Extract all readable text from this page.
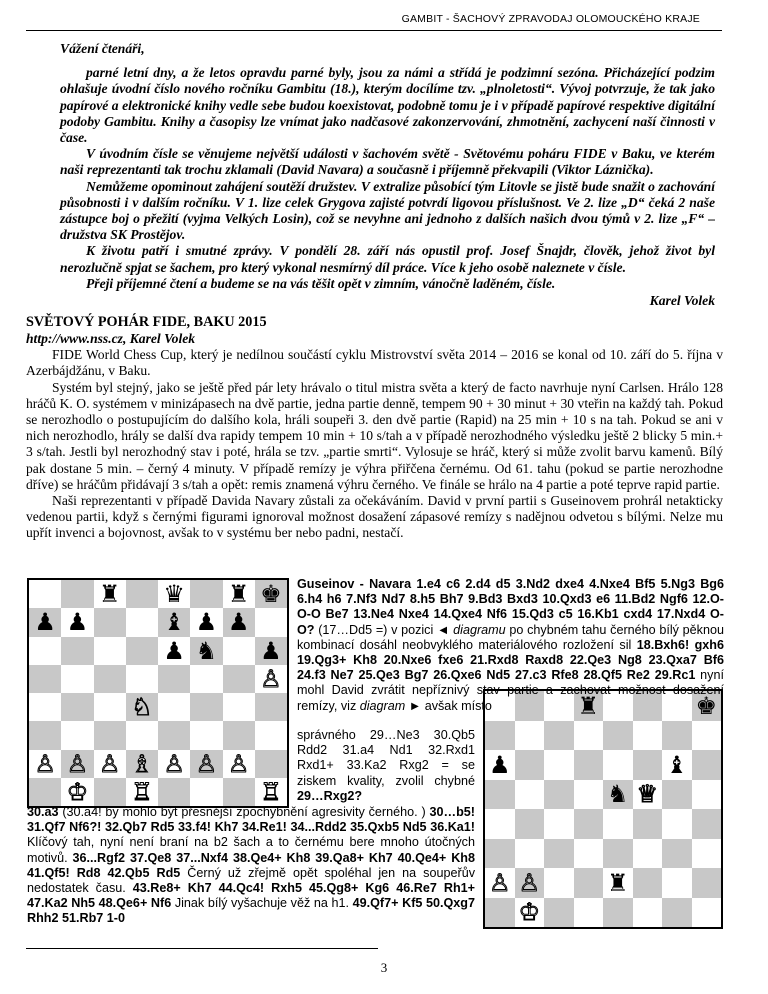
GAMBIT - ŠACHOVÝ ZPRAVODAJ OLOMOUCKÉHO KRAJE

Vážení čtenáři,

parné letní dny, a že letos opravdu parné byly, jsou za námi a střídá je podzimní sezóna. Přicházející podzim ohlašuje úvodní číslo nového ročníku Gambitu (18.), kterým docílíme tzv. „plnoletosti“. Vývoj potvrzuje, že tak jako papírové a elektronické knihy vedle sebe budou koexistovat, podobně tomu je i v případě papírové respektive digitální podoby Gambitu. Knihy a časopisy lze vnímat jako nadčasové zakonzervování, zhmotnění, zachycení naší činnosti v čase.

V úvodním čísle se věnujeme největší události v šachovém světě - Světovému poháru FIDE v Baku, ve kterém naši reprezentanti tak trochu zklamali (David Navara) a současně i příjemně překvapili (Viktor Láznička).

Nemůžeme opominout zahájení soutěží družstev. V extralize působící tým Litovle se jistě bude snažit o zachování působnosti i v dalším ročníku. V 1. lize celek Grygova zajisté potvrdí ligovou příslušnost. Ve 2. lize „D“ čeká 2 naše zástupce boj o přežití (vyjma Velkých Losin), což se nevyhne ani jednoho z dalších našich dvou týmů v 2. lize „F“ – družstva SK Prostějov.

K životu patří i smutné zprávy. V pondělí 28. září nás opustil prof. Josef Šnajdr, člověk, jehož život byl nerozlučně spjat se šachem, pro který vykonal nesmírný díl práce. Více k jeho osobě naleznete v čísle.

Přeji příjemné čtení a budeme se na vás těšit opět v zimním, vánočně laděném, čísle.

Karel Volek

SVĚTOVÝ POHÁR FIDE, BAKU 2015

http://www.nss.cz, Karel Volek

FIDE World Chess Cup, který je nedílnou součástí cyklu Mistrovství světa 2014 – 2016 se konal od 10. září do 5. října v Azerbájdžánu, v Baku.

Systém byl stejný, jako se ještě před pár lety hrávalo o titul mistra světa a který de facto navrhuje nyní Carlsen. Hrálo 128 hráčů K. O. systémem v minizápasech na dvě partie, jedna partie denně, tempem 90 + 30 minut + 30 vteřin na každý tah. Pokud se nerozhodlo o postupujícím do dalšího kola, hráli soupeři 3. den dvě partie (Rapid) na 25 min + 10 s na tah. Pokud se ani v nich nerozhodlo, hrály se další dva rapidy tempem 10 min + 10 s/tah a v případě nerozhodného výsledku ještě 2 blicky 5 min.+ 3 s/tah. Jestli byl nerozhodný stav i poté, hrála se tzv. „partie smrti“. Vylosuje se hráč, který si může zvolit barvu kamenů. Bílý pak dostane 5 min. – černý 4 minuty. V případě remízy je výhra přiřčena černému. Od 61. tahu (pokud se partie nerozhodne dříve) se hráčům přidávají 3 s/tah a opět: remis znamená výhru černého. Ve finále se hrálo na 4 partie a poté teprve rapid partie.

Naši reprezentanti v případě Davida Navary zůstali za očekáváním. David v první partii s Guseinovem prohrál netakticky vedenou partii, když s černými figurami ignoroval možnost dosažení zápasové remízy s nadějnou odvetou s bílými. Nelze mu upřít invenci a bojovnost, avšak to v systému ber nebo padni, nestačí.

♜ ♛ ♜ ♚
♟ ♟	♝ ♟ ♟
♟ ♞ ♟
♙
♘
♙ ♙ ♙ ♗ ♙ ♙ ♙
♔ ♖	♖
♜	♚
♟	♝
♞ ♕
♙ ♙	♜
♔

Guseinov - Navara 1.e4 c6 2.d4 d5 3.Nd2 dxe4 4.Nxe4 Bf5 5.Ng3 Bg6 6.h4 h6 7.Nf3 Nd7 8.h5 Bh7 9.Bd3 Bxd3 10.Qxd3 e6 11.Bd2 Ngf6 12.O-O-O Be7 13.Ne4 Nxe4 14.Qxe4 Nf6 15.Qd3 c5 16.Kb1 cxd4 17.Nxd4 O-O? (17…Dd5 =) v pozici ◄ diagramu po chybném tahu černého bílý pěknou kombinací dosáhl neobvyklého materiálového rozložení sil 18.Bxh6! gxh6 19.Qg3+ Kh8 20.Nxe6 fxe6 21.Rxd8 Raxd8 22.Qe3 Ng8 23.Qxa7 Bf6 24.f3 Ne7 25.Qe3 Bg7 26.Qxe6 Nd5 27.c3 Rfe8 28.Qf5 Re2 29.Rc1 nyní mohl David zvrátit nepříznivý stav partie a zachovat možnost dosažení remízy, viz diagram ► avšak místo

správného 29…Ne3 30.Qb5 Rdd2 31.a4 Nd1 32.Rxd1 Rxd1+ 33.Ka2 Rxg2 = se ziskem kvality, zvolil chybné 29…Rxg2?

30.a3 (30.a4! by mohlo být přesnější zpochybnění agresivity černého. ) 30…b5! 31.Qf7 Nf6?! 32.Qb7 Rd5 33.f4! Kh7 34.Re1! 34...Rdd2 35.Qxb5 Nd5 36.Ka1! Klíčový tah, nyní není braní na b2 šach a to černému bere mnoho útočných motivů. 36...Rgf2 37.Qe8 37...Nxf4 38.Qe4+ Kh8 39.Qa8+ Kh7 40.Qe4+ Kh8 41.Qf5! Rd8 42.Qb5 Rd5 Černý už zřejmě opět spoléhal jen na soupeřův nedostatek času. 43.Re8+ Kh7 44.Qc4! Rxh5 45.Qg8+ Kg6 46.Re7 Rh1+ 47.Ka2 Nh5 48.Qe6+ Nf6 Jinak bílý vyšachuje věž na h1. 49.Qf7+ Kf5 50.Qxg7 Rhh2 51.Rb7 1-0

3
